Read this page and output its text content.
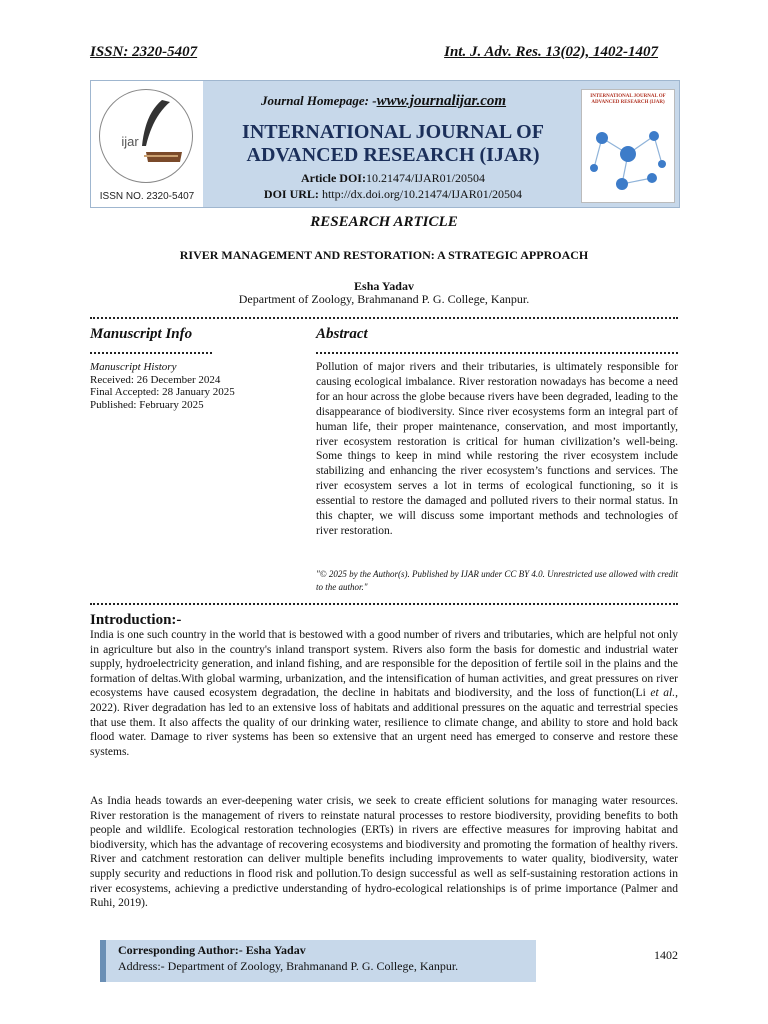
ISSN: 2320-5407	Int. J. Adv. Res. 13(02), 1402-1407
ijar
ISSN NO. 2320-5407
Journal Homepage: -www.journalijar.com
INTERNATIONAL JOURNAL OF
ADVANCED RESEARCH (IJAR)
Article DOI:10.21474/IJAR01/20504
DOI URL: http://dx.doi.org/10.21474/IJAR01/20504
INTERNATIONAL JOURNAL OF ADVANCED RESEARCH (IJAR)
RESEARCH ARTICLE
RIVER MANAGEMENT AND RESTORATION: A STRATEGIC APPROACH
Esha Yadav
Department of Zoology, Brahmanand P. G. College, Kanpur.
Manuscript Info	Abstract
Manuscript History
Received: 26 December 2024
Final Accepted: 28 January 2025
Published: February 2025
Pollution of major rivers and their tributaries, is ultimately responsible for causing ecological imbalance. River restoration nowadays has become a need for an hour across the globe because rivers have been degraded, leading to the disappearance of biodiversity. Since river ecosystems form an integral part of human life, their proper maintenance, conservation, and most importantly, river ecosystem restoration is critical for human civilization’s well-being. Some things to keep in mind while restoring the river ecosystem include stabilizing and enhancing the river ecosystem’s functions and services. The river ecosystem serves a lot in terms of ecological functioning, so it is essential to restore the damaged and polluted rivers to their normal status. In this chapter, we will discuss some important methods and technologies of river restoration.
"© 2025 by the Author(s). Published by IJAR under CC BY 4.0. Unrestricted use allowed with credit to the author."
Introduction:-
India is one such country in the world that is bestowed with a good number of rivers and tributaries, which are helpful not only in agriculture but also in the country's inland transport system. Rivers also form the basis for domestic and industrial water supply, hydroelectricity generation, and inland fishing, and are responsible for the deposition of fertile soil in the plains and the formation of deltas.With global warming, urbanization, and the intensification of human activities, and great pressures on river ecosystems have caused ecosystem degradation, the decline in habitats and biodiversity, and the loss of function(Li et al., 2022). River degradation has led to an extensive loss of habitats and additional pressures on the aquatic and terrestrial species that use them. It also affects the quality of our drinking water, resilience to climate change, and ability to store and hold back flood water. Damage to river systems has been so extensive that an urgent need has emerged to conserve and restore these systems.
As India heads towards an ever-deepening water crisis, we seek to create efficient solutions for managing water resources. River restoration is the management of rivers to reinstate natural processes to restore biodiversity, providing benefits to both people and wildlife. Ecological restoration technologies (ERTs) in rivers are effective measures for improving habitat and biodiversity, which has the advantage of recovering ecosystems and biodiversity and promoting the formation of healthy rivers. River and catchment restoration can deliver multiple benefits including improvements to water quality, biodiversity, water supply security and reductions in flood risk and pollution.To design successful as well as self-sustaining restoration actions in river ecosystems, achieving a predictive understanding of hydro-ecological relationships is of prime importance (Palmer and Ruhi, 2019).
Corresponding Author:- Esha Yadav
Address:- Department of Zoology, Brahmanand P. G. College, Kanpur.
1402
